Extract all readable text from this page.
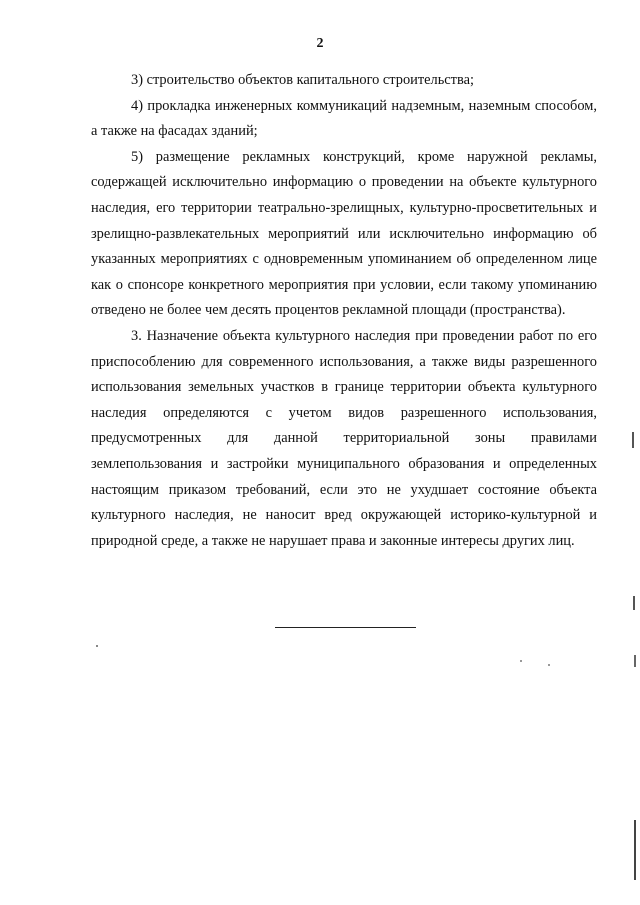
2

3) строительство объектов капитального строительства;

4) прокладка инженерных коммуникаций надземным, наземным способом, а также на фасадах зданий;

5) размещение рекламных конструкций, кроме наружной рекламы, содержащей исключительно информацию о проведении на объекте культурного наследия, его территории театрально-зрелищных, культурно-просветительных и зрелищно-развлекательных мероприятий или исключительно информацию об указанных мероприятиях с одновременным упоминанием об определенном лице как о спонсоре конкретного мероприятия при условии, если такому упоминанию отведено не более чем десять процентов рекламной площади (пространства).

3. Назначение объекта культурного наследия при проведении работ по его приспособлению для современного использования, а также виды разрешенного использования земельных участков в границе территории объекта культурного наследия определяются с учетом видов разрешенного использования, предусмотренных для данной территориальной зоны правилами землепользования и застройки муниципального образования и определенных настоящим приказом требований, если это не ухудшает состояние объекта культурного наследия, не наносит вред окружающей историко-культурной и природной среде, а также не нарушает права и законные интересы других лиц.
